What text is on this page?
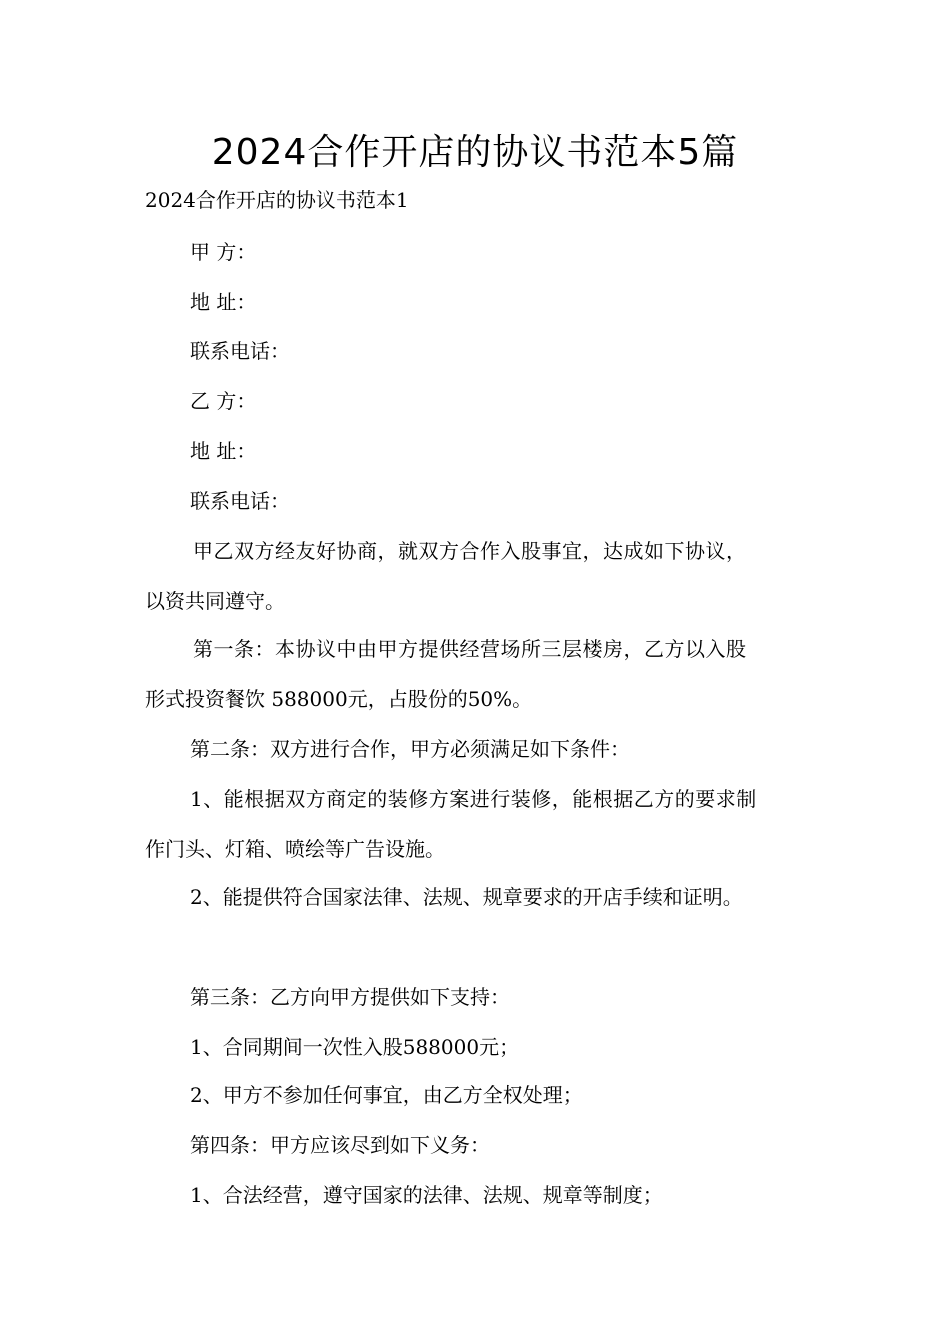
2024合作开店的协议书范本5篇
2024合作开店的协议书范本1
甲 方：
地 址：
联系电话：
乙 方：
地 址：
联系电话：
甲乙双方经友好协商，就双方合作入股事宜，达成如下协议，
以资共同遵守。
第一条：本协议中由甲方提供经营场所三层楼房，乙方以入股
形式投资餐饮 588000元，占股份的50%。
第二条：双方进行合作，甲方必须满足如下条件：
1、能根据双方商定的装修方案进行装修，能根据乙方的要求制
作门头、灯箱、喷绘等广告设施。
2、能提供符合国家法律、法规、规章要求的开店手续和证明。
第三条：乙方向甲方提供如下支持：
1、合同期间一次性入股588000元；
2、甲方不参加任何事宜，由乙方全权处理；
第四条：甲方应该尽到如下义务：
1、合法经营，遵守国家的法律、法规、规章等制度；
